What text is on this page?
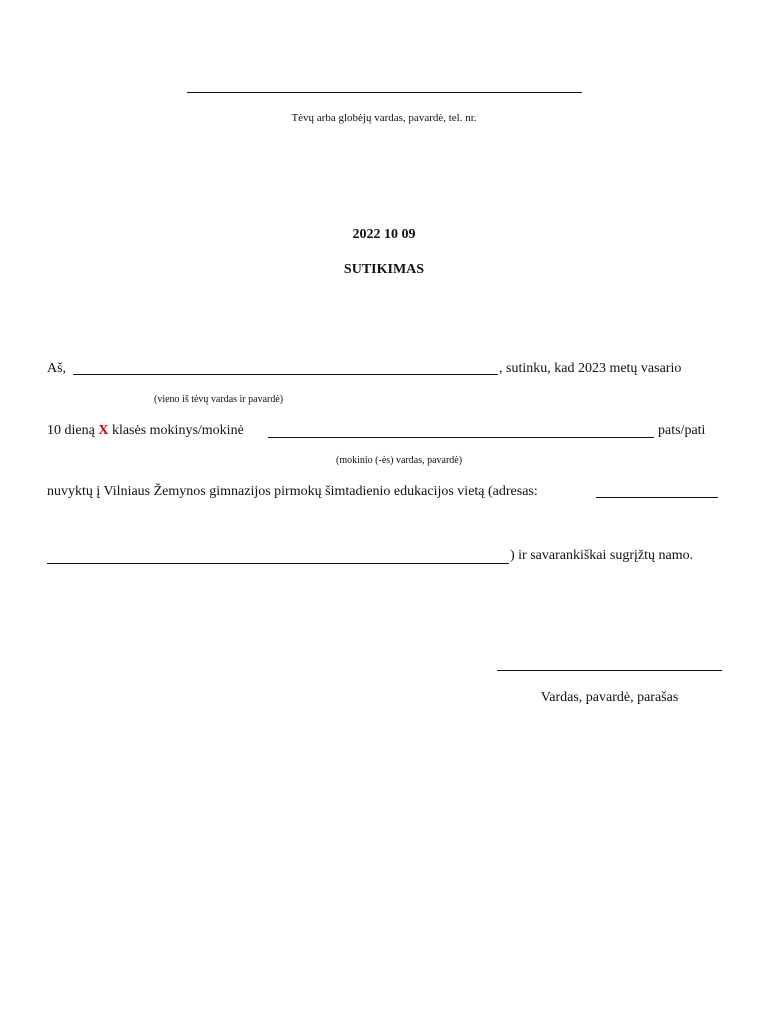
Tėvų arba globėjų vardas, pavardė, tel. nr.
2022 10 09
SUTIKIMAS
Aš,	, sutinku, kad 2023 metų vasario
(vieno iš tėvų vardas ir pavardė)
10 dieną X klasės mokinys/mokinė	pats/pati
(mokinio (-ės) vardas, pavardė)
nuvyktų į Vilniaus Žemynos gimnazijos pirmokų šimtadienio edukacijos vietą (adresas:
) ir savarankiškai sugrįžtų namo.
Vardas, pavardė, parašas
